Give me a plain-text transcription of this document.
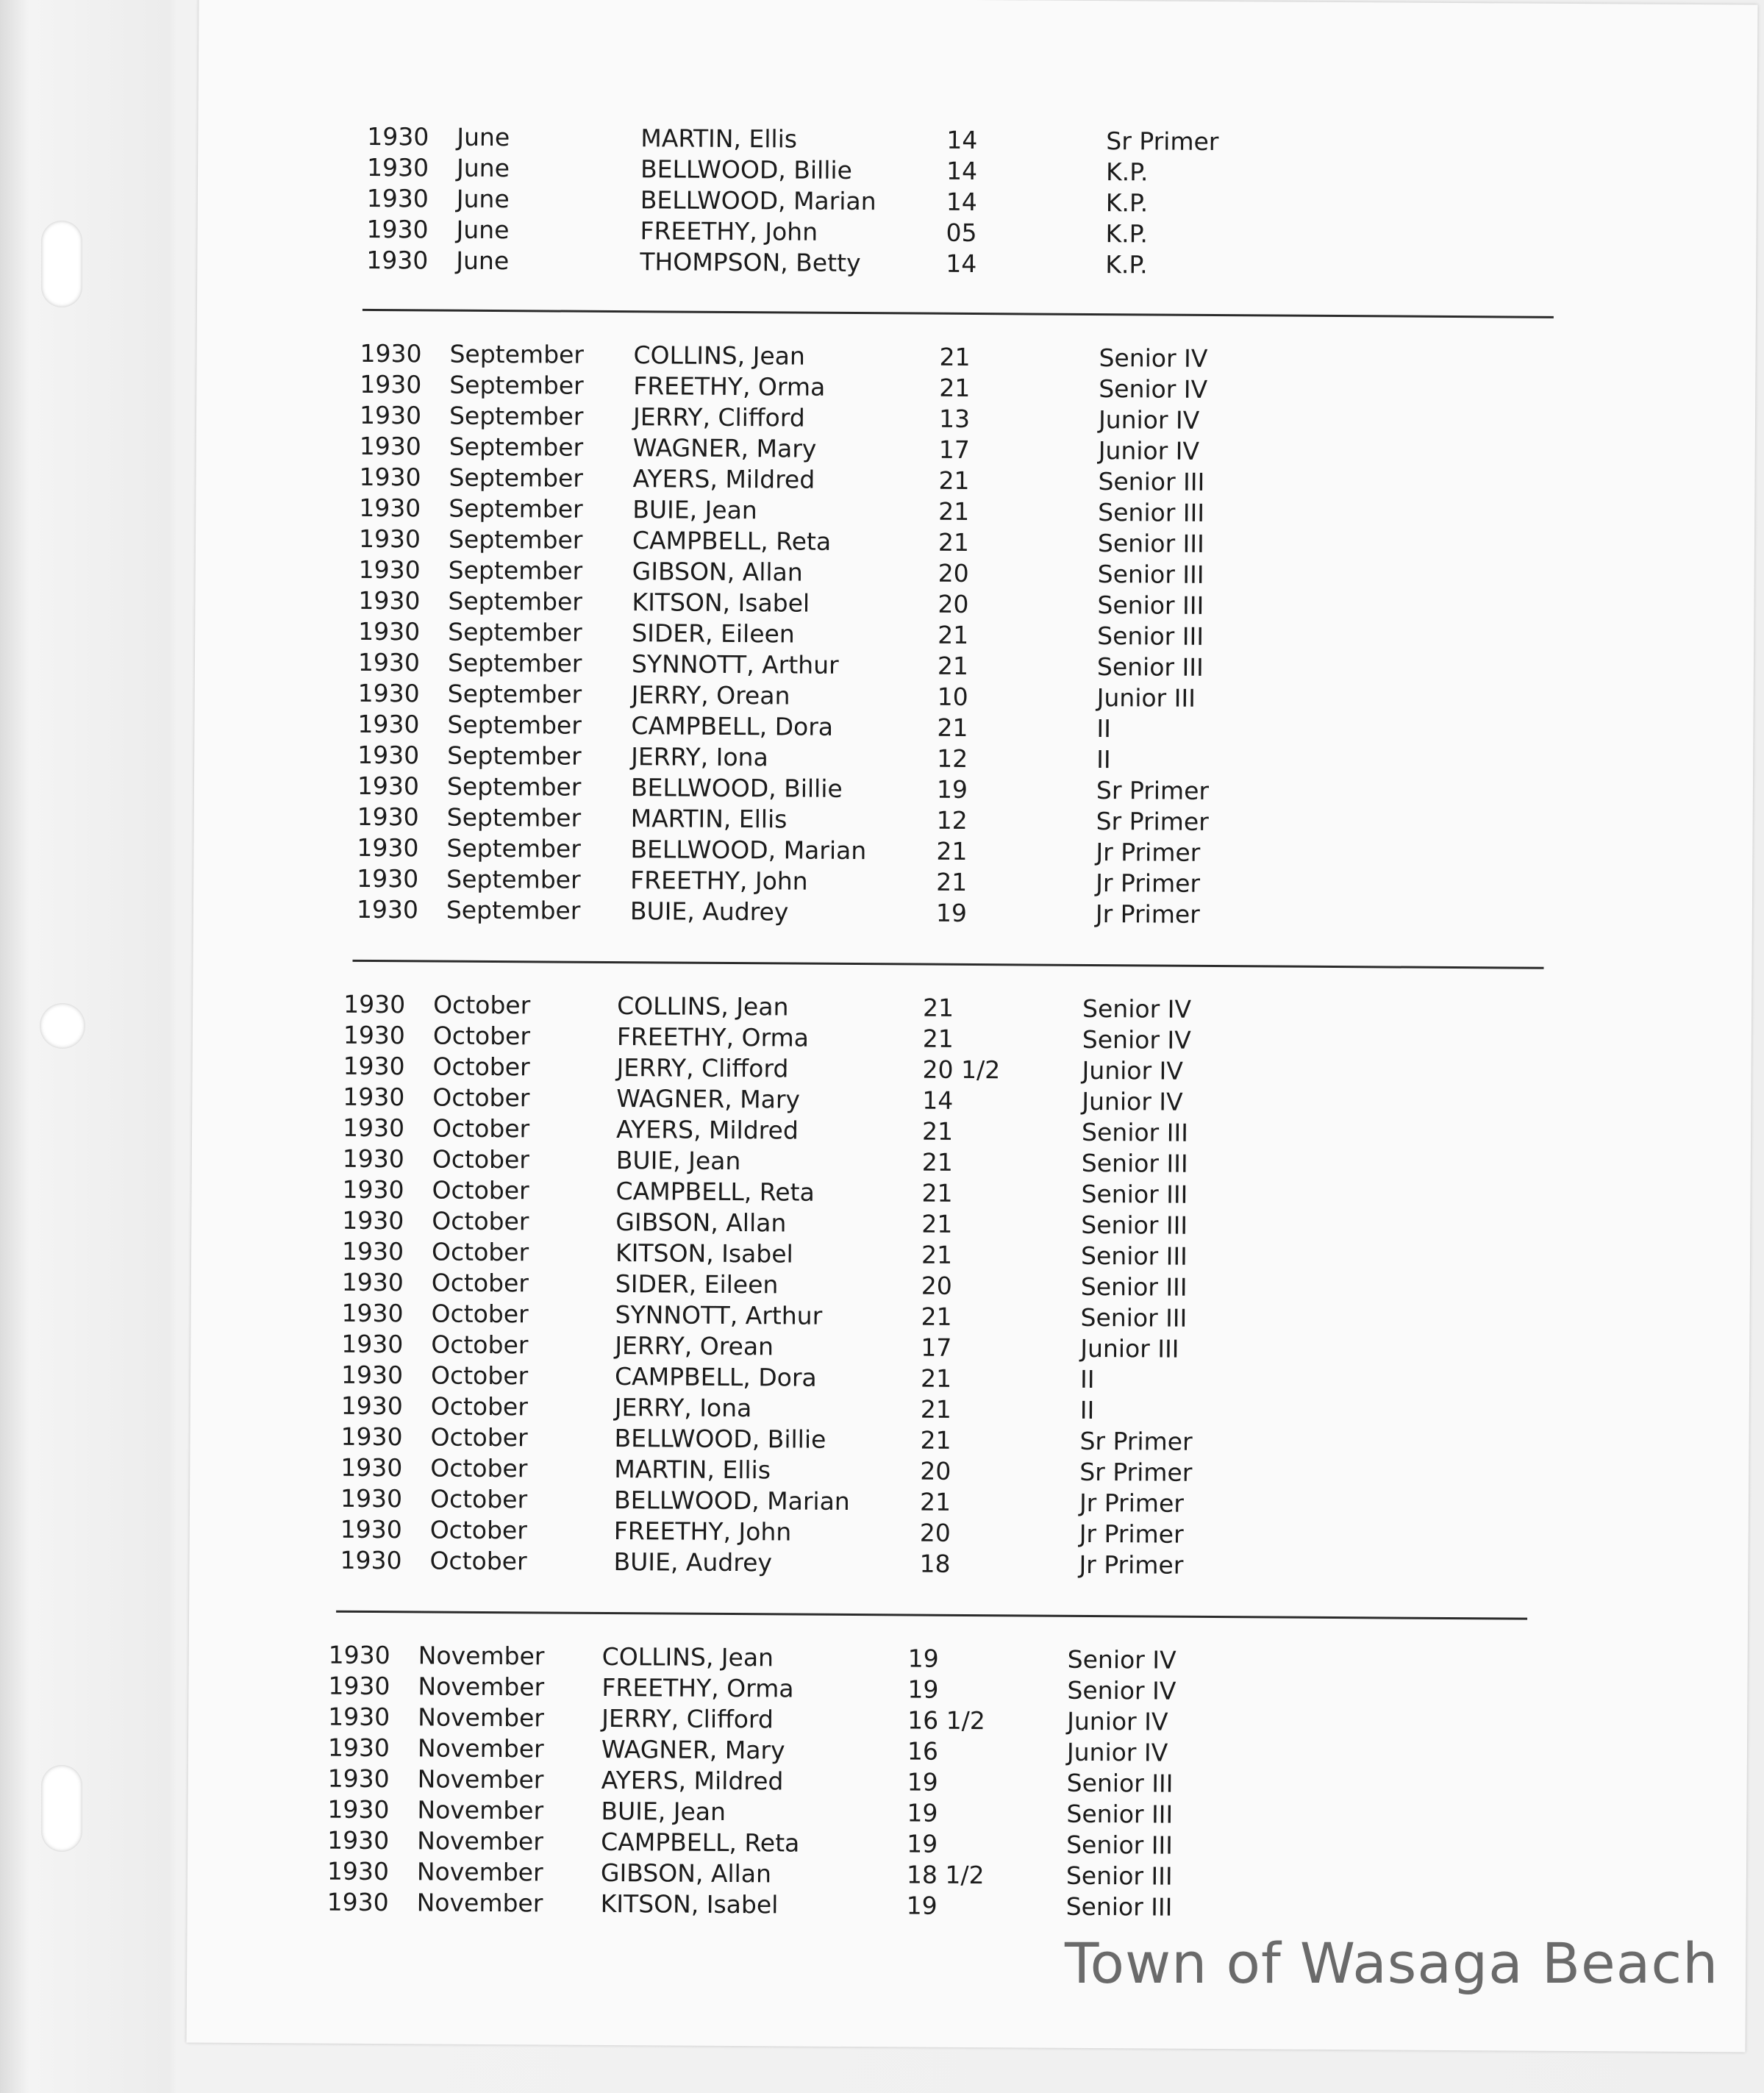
1930 June	MARTIN, Ellis	14	Sr Primer
1930 June	BELLWOOD, Billie	14	K.P.
1930 June	BELLWOOD, Marian	14	K.P.
1930 June	FREETHY, John	05	K.P.
1930 June	THOMPSON, Betty	14	K.P.
1930 September COLLINS, Jean	21	Senior IV
1930 September FREETHY, Orma	21	Senior IV
1930 September JERRY, Clifford	13	Junior IV
1930 September WAGNER, Mary	17	Junior IV
1930 September AYERS, Mildred	21	Senior III
1930 September BUIE, Jean	21	Senior III
1930 September CAMPBELL, Reta	21	Senior III
1930 September GIBSON, Allan	20	Senior III
1930 September KITSON, Isabel	20	Senior III
1930 September SIDER, Eileen	21	Senior III
1930 September SYNNOTT, Arthur	21	Senior III
1930 September JERRY, Orean	10	Junior III
1930 September CAMPBELL, Dora	21	II
1930 September JERRY, Iona	12	II
1930 September BELLWOOD, Billie	19	Sr Primer
1930 September MARTIN, Ellis	12	Sr Primer
1930 September BELLWOOD, Marian	21	Jr Primer
1930 September FREETHY, John	21	Jr Primer
1930 September BUIE, Audrey	19	Jr Primer
1930 October	COLLINS, Jean	21	Senior IV
1930 October	FREETHY, Orma	21	Senior IV
1930 October	JERRY, Clifford	20 1/2	Junior IV
1930 October	WAGNER, Mary	14	Junior IV
1930 October	AYERS, Mildred	21	Senior III
1930 October	BUIE, Jean	21	Senior III
1930 October	CAMPBELL, Reta	21	Senior III
1930 October	GIBSON, Allan	21	Senior III
1930 October	KITSON, Isabel	21	Senior III
1930 October	SIDER, Eileen	20	Senior III
1930 October	SYNNOTT, Arthur	21	Senior III
1930 October	JERRY, Orean	17	Junior III
1930 October	CAMPBELL, Dora	21	II
1930 October	JERRY, Iona	21	II
1930 October	BELLWOOD, Billie	21	Sr Primer
1930 October	MARTIN, Ellis	20	Sr Primer
1930 October	BELLWOOD, Marian	21	Jr Primer
1930 October	FREETHY, John	20	Jr Primer
1930 October	BUIE, Audrey	18	Jr Primer
1930 November COLLINS, Jean	19	Senior IV
1930 November FREETHY, Orma	19	Senior IV
1930 November JERRY, Clifford	16 1/2	Junior IV
1930 November WAGNER, Mary	16	Junior IV
1930 November AYERS, Mildred	19	Senior III
1930 November BUIE, Jean	19	Senior III
1930 November CAMPBELL, Reta	19	Senior III
1930 November GIBSON, Allan	18 1/2	Senior III
1930 November KITSON, Isabel	19	Senior III
Town of Wasaga Beach
